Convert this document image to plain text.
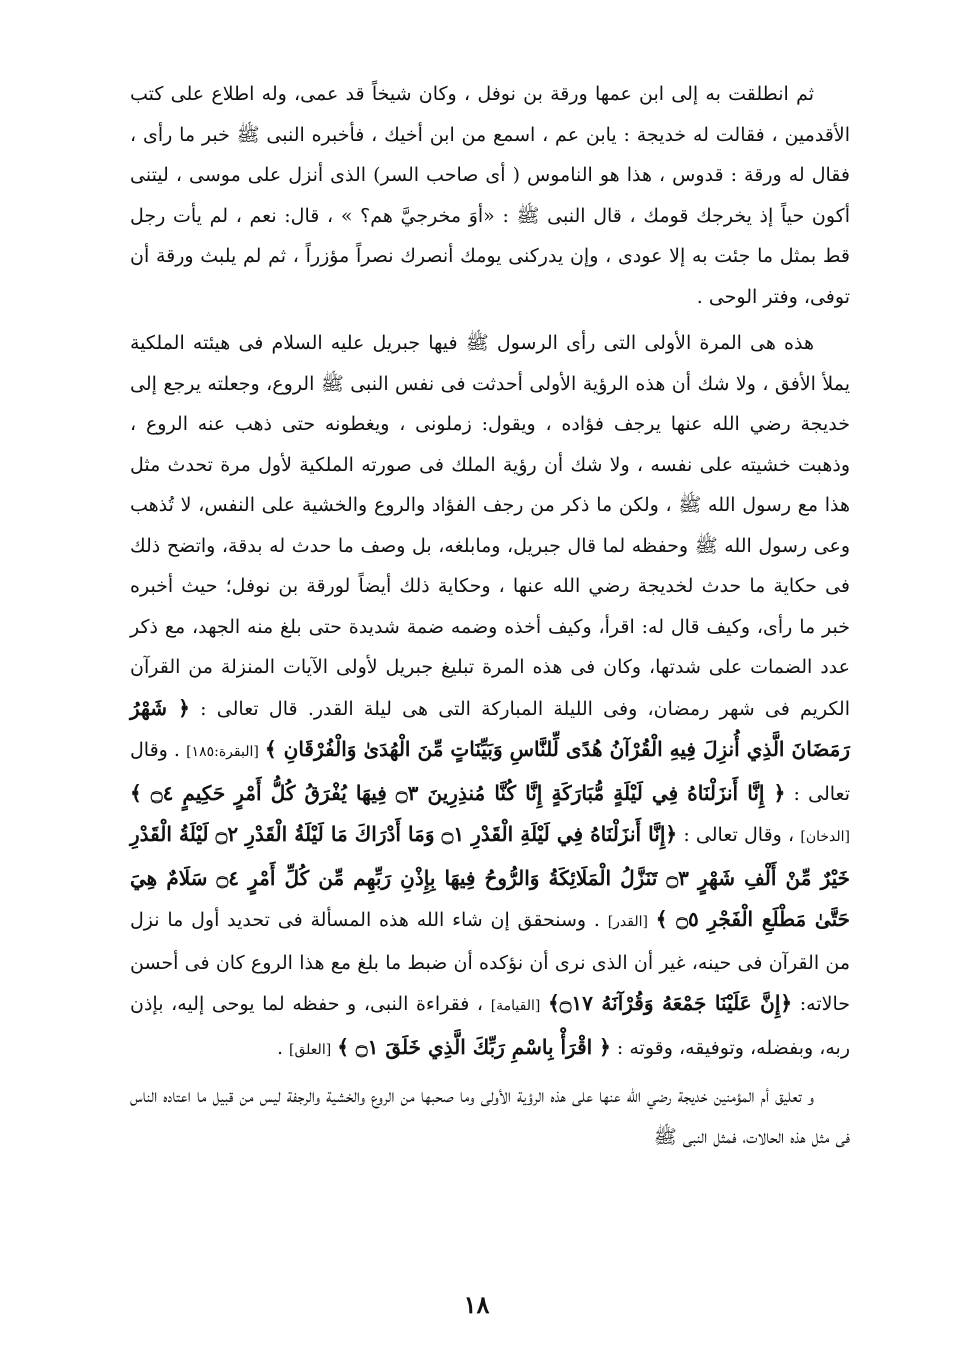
ثم انطلقت به إلى ابن عمها ورقة بن نوفل ، وكان شيخاً قد عمى، وله اطلاع على كتب الأقدمين ، فقالت له خديجة : يابن عم ، اسمع من ابن أخيك ، فأخبره النبى ﷺ خبر ما رأى ، فقال له ورقة : قدوس ، هذا هو الناموس ( أى صاحب السر) الذى أنزل على موسى ، ليتنى أكون حياً إذ يخرجك قومك ، قال النبى ﷺ : «أوَ مخرجيَّ هم؟ » ، قال: نعم ، لم يأت رجل قط بمثل ما جئت به إلا عودى ، وإن يدركنى يومك أنصرك نصراً مؤزراً ، ثم لم يلبث ورقة أن توفى، وفتر الوحى .

هذه هى المرة الأولى التى رأى الرسول ﷺ فيها جبريل عليه السلام فى هيئته الملكية يملأ الأفق ، ولا شك أن هذه الرؤية الأولى أحدثت فى نفس النبى ﷺ الروع، وجعلته يرجع إلى خديجة رضي الله عنها يرجف فؤاده ، ويقول: زملونى ، ويغطونه حتى ذهب عنه الروع ، وذهبت خشيته على نفسه ، ولا شك أن رؤية الملك فى صورته الملكية لأول مرة تحدث مثل هذا مع رسول الله ﷺ ، ولكن ما ذكر من رجف الفؤاد والروع والخشية على النفس، لا تُذهب وعى رسول الله ﷺ وحفظه لما قال جبريل، ومابلغه، بل وصف ما حدث له بدقة، واتضح ذلك فى حكاية ما حدث لخديجة رضي الله عنها ، وحكاية ذلك أيضاً لورقة بن نوفل؛ حيث أخبره خبر ما رأى، وكيف قال له: اقرأ، وكيف أخذه وضمه ضمة شديدة حتى بلغ منه الجهد، مع ذكر عدد الضمات على شدتها، وكان فى هذه المرة تبليغ جبريل لأولى الآيات المنزلة من القرآن الكريم فى شهر رمضان، وفى الليلة المباركة التى هى ليلة القدر. قال تعالى : ﴿ شَهْرُ رَمَضَانَ الَّذِي أُنزِلَ فِيهِ الْقُرْآنُ هُدًى لِّلنَّاسِ وَبَيِّنَاتٍ مِّنَ الْهُدَىٰ وَالْفُرْقَانِ ﴾ [البقرة:١٨٥] . وقال تعالى : ﴿ إِنَّا أَنزَلْنَاهُ فِي لَيْلَةٍ مُّبَارَكَةٍ إِنَّا كُنَّا مُنذِرِينَ ۝٣ فِيهَا يُفْرَقُ كُلُّ أَمْرٍ حَكِيمٍ ۝٤ ﴾ [الدخان] ، وقال تعالى : ﴿إِنَّا أَنزَلْنَاهُ فِي لَيْلَةِ الْقَدْرِ ۝١ وَمَا أَدْرَاكَ مَا لَيْلَةُ الْقَدْرِ ۝٢ لَيْلَةُ الْقَدْرِ خَيْرٌ مِّنْ أَلْفِ شَهْرٍ ۝٣ تَنَزَّلُ الْمَلَائِكَةُ وَالرُّوحُ فِيهَا بِإِذْنِ رَبِّهِم مِّن كُلِّ أَمْرٍ ۝٤ سَلَامٌ هِيَ حَتَّىٰ مَطْلَعِ الْفَجْرِ ۝٥ ﴾ [القدر] . وسنحقق إن شاء الله هذه المسألة فى تحديد أول ما نزل من القرآن فى حينه، غير أن الذى نرى أن نؤكده أن ضبط ما بلغ مع هذا الروع كان فى أحسن حالاته: ﴿إِنَّ عَلَيْنَا جَمْعَهُ وَقُرْآنَهُ ۝١٧﴾ [القيامة] ، فقراءة النبى، و حفظه لما يوحى إليه، بإذن ربه، وبفضله، وتوفيقه، وقوته : ﴿ اقْرَأْ بِاسْمِ رَبِّكَ الَّذِي خَلَقَ ۝١ ﴾ [العلق] .

و تعليق أم المؤمنين خديجة رضي الله عنها على هذه الرؤية الأولى وما صحبها من الروع والخشية والرجفة ليس من قبيل ما اعتاده الناس فى مثل هذه الحالات، فمثل النبى ﷺ

١٨
